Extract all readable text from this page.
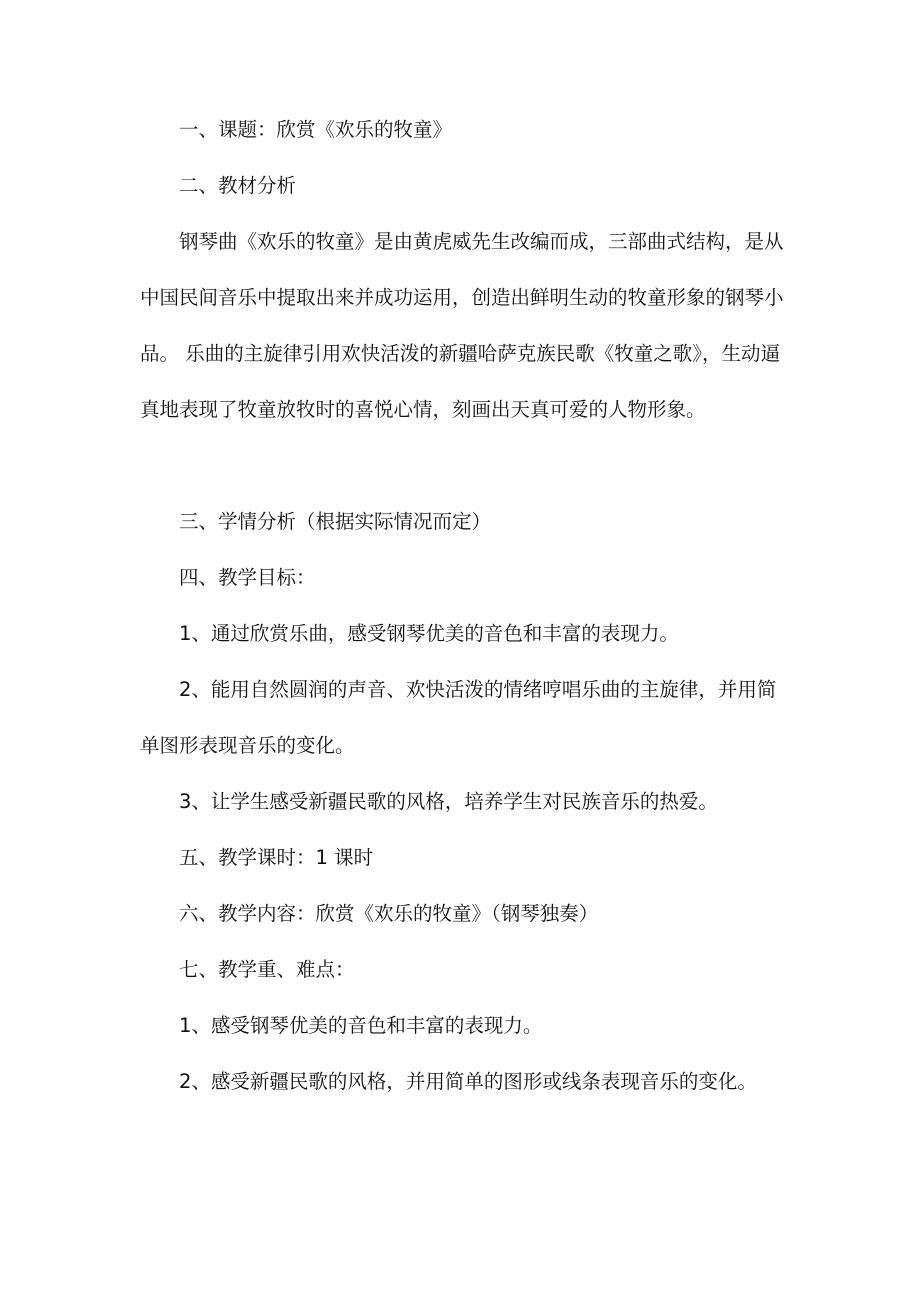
一、课题：欣赏《欢乐的牧童》

二、教材分析

钢琴曲《欢乐的牧童》是由黄虎威先生改编而成，三部曲式结构，是从中国民间音乐中提取出来并成功运用，创造出鲜明生动的牧童形象的钢琴小品。 乐曲的主旋律引用欢快活泼的新疆哈萨克族民歌《牧童之歌》，生动逼真地表现了牧童放牧时的喜悦心情，刻画出天真可爱的人物形象。

三、学情分析（根据实际情况而定）

四、教学目标：

1、通过欣赏乐曲，感受钢琴优美的音色和丰富的表现力。

2、能用自然圆润的声音、欢快活泼的情绪哼唱乐曲的主旋律，并用简单图形表现音乐的变化。

3、让学生感受新疆民歌的风格，培养学生对民族音乐的热爱。

五、教学课时：1 课时

六、教学内容：欣赏《欢乐的牧童》（钢琴独奏）

七、教学重、难点：

1、感受钢琴优美的音色和丰富的表现力。

2、感受新疆民歌的风格，并用简单的图形或线条表现音乐的变化。
